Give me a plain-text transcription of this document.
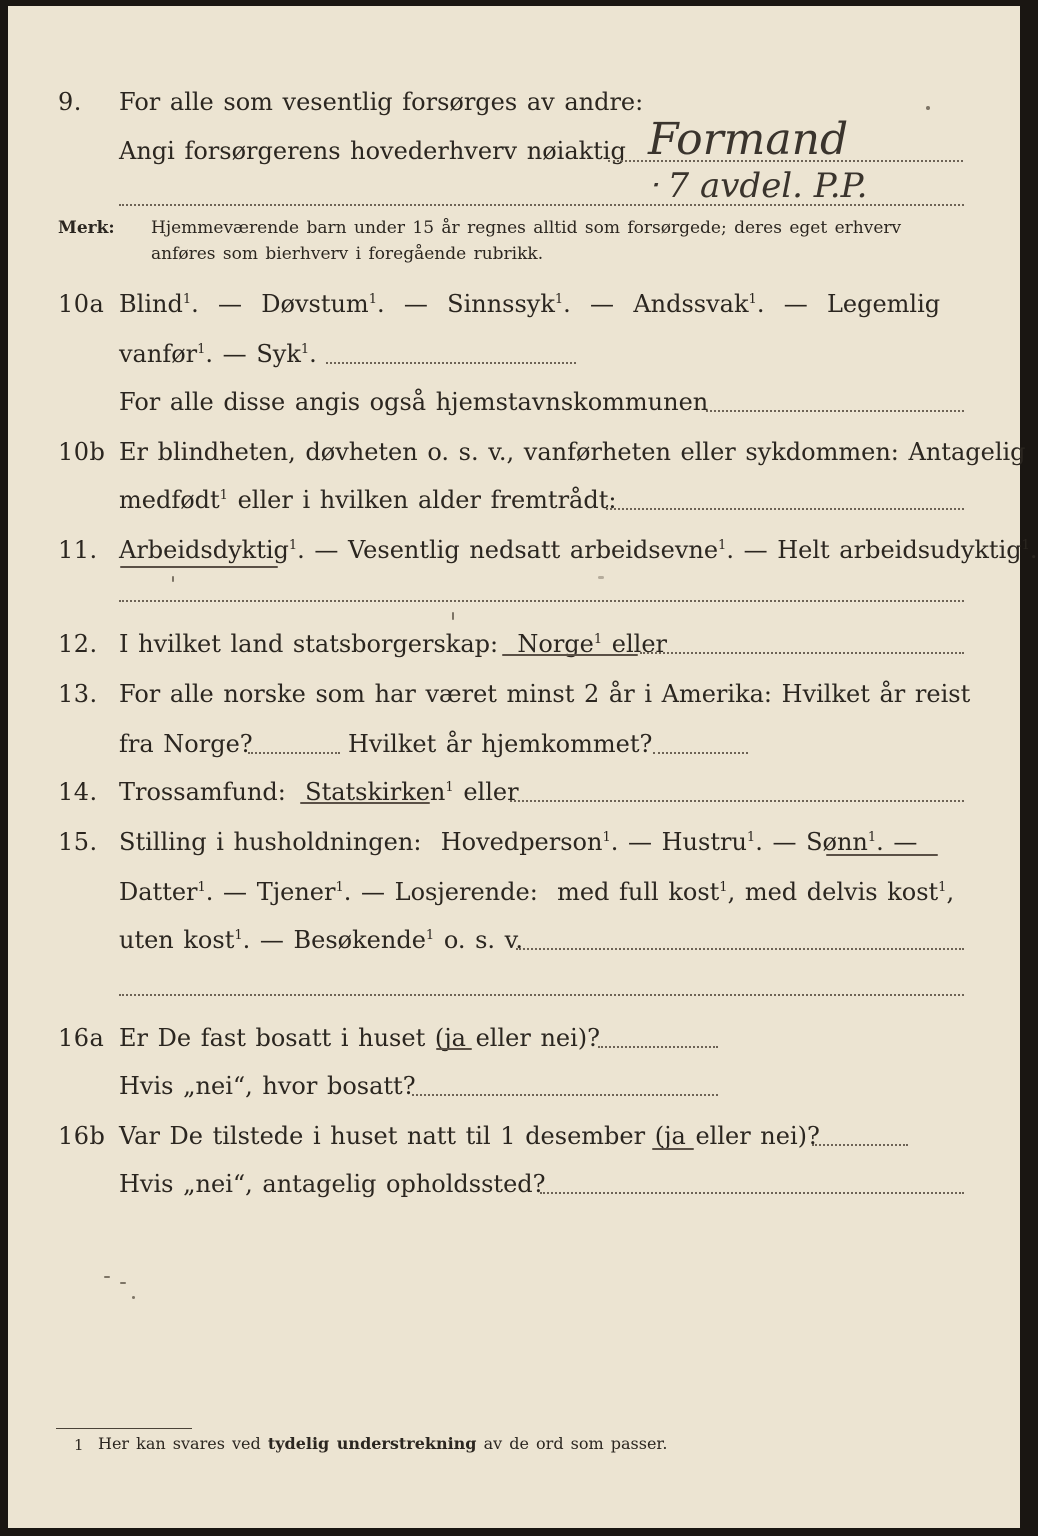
9. For alle som vesentlig forsørges av andre:
Angi forsørgerens hovederhverv nøiaktig Formand
ᐧ 7 avdel. P.P.
Merk: Hjemmeværende barn under 15 år regnes alltid som forsørgede; deres eget erhverv
anføres som bierhverv i foregående rubrikk.
10a Blind$^1$.  —  Døvstum$^1$.  —  Sinnssyk$^1$.  —  Andssvak$^1$.  —  Legemlig
vanfør$^1$. — Syk$^1$.
For alle disse angis også hjemstavnskommunen
10b Er blindheten, døvheten o. s. v., vanførheten eller sykdommen: Antagelig
medfødt$^1$ eller i hvilken alder fremtrådt:
11. Arbeidsdyktig$^1$. — Vesentlig nedsatt arbeidsevne$^1$. — Helt arbeidsudyktig$^1$.
12. I hvilket land statsborgerskap: Norge$^1$ eller
13. For alle norske som har været minst 2 år i Amerika: Hvilket år reist
fra Norge?	Hvilket år hjemkommet?
14. Trossamfund: Statskirken$^1$ eller
15. Stilling i husholdningen: Hovedperson$^1$. — Hustru$^1$. — Sønn$^1$. —
Datter$^1$. — Tjener$^1$. — Losjerende: med full kost$^1$, med delvis kost$^1$,
uten kost$^1$. — Besøkende$^1$ o. s. v.
16a Er De fast bosatt i huset (ja eller nei)?
Hvis „nei“, hvor bosatt?
16b Var De tilstede i huset natt til 1 desember (ja eller nei)?
Hvis „nei“, antagelig opholdssted?
1 Her kan svares ved tydelig understrekning av de ord som passer.
